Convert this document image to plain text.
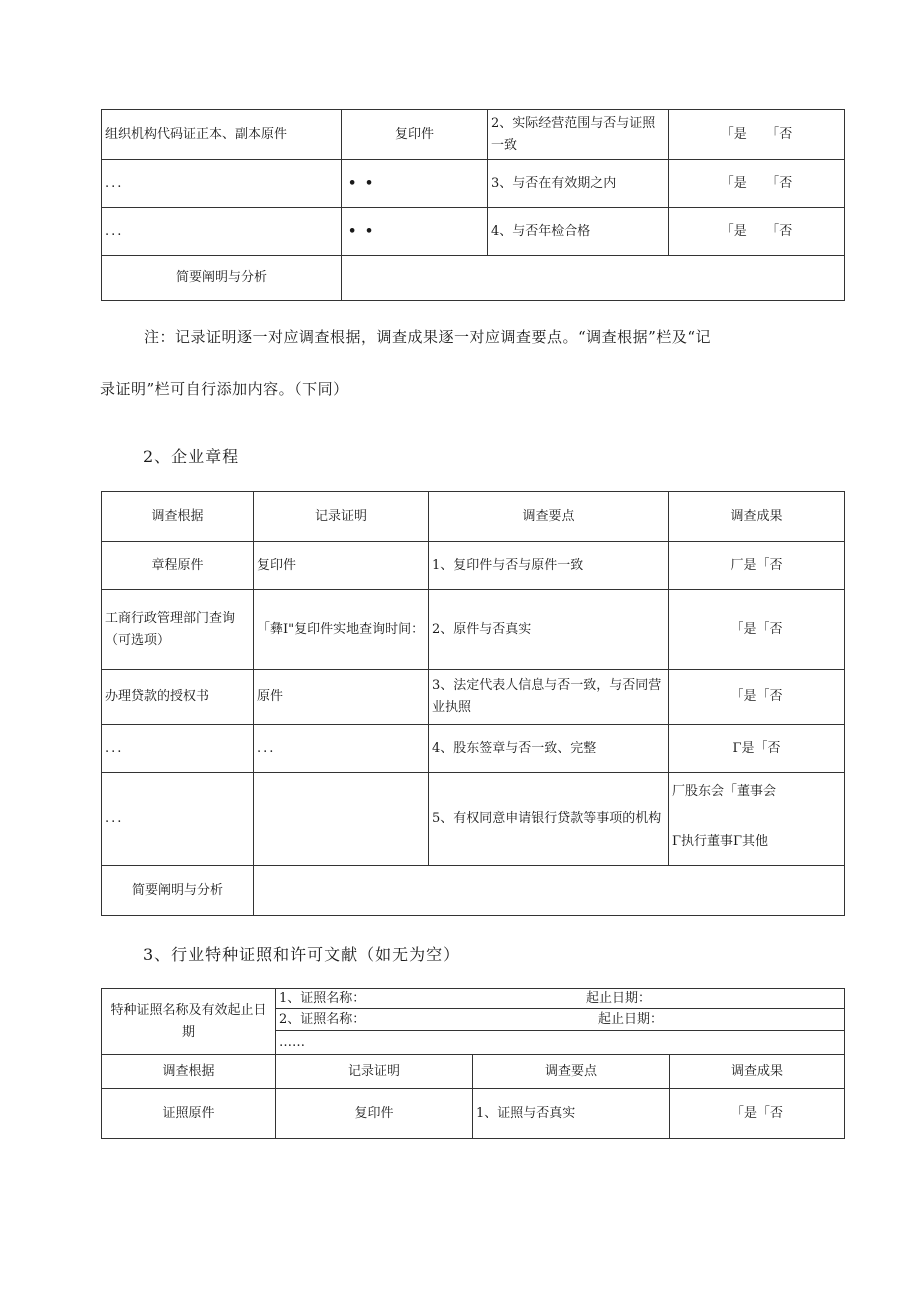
组织机构代码证正本、副本原件	复印件	2、实际经营范围与否与证照一致	「是　　「否
...	• •	3、与否在有效期之内	「是　　「否
...	• •	4、与否年检合格	「是　　「否
简要阐明与分析			
注：记录证明逐一对应调查根据，调查成果逐一对应调查要点。“调查根据”栏及“记
录证明”栏可自行添加内容。（下同）
2、企业章程
调查根据	记录证明	调查要点	调查成果
章程原件	复印件	1、复印件与否与原件一致	厂是「否
工商行政管理部门查询（可选项）	「彝Ⅰ"复印件实地查询时间：	2、原件与否真实	「是「否
办理贷款的授权书	原件	3、法定代表人信息与否一致，与否同营业执照	「是「否
...	...	4、股东签章与否一致、完整	Γ是「否
...		5、有权同意申请银行贷款等事项的机构	厂股东会「董事会
Γ执行董事Γ其他

简要阐明与分析			
3、行业特种证照和许可文献（如无为空）
特种证照名称及有效起止日期	1、证照名称： 起止日期：		

	2、证照名称： 起止日期：		

	……		
调查根据	记录证明	调查要点	调查成果
证照原件	复印件	1、证照与否真实	「是「否
